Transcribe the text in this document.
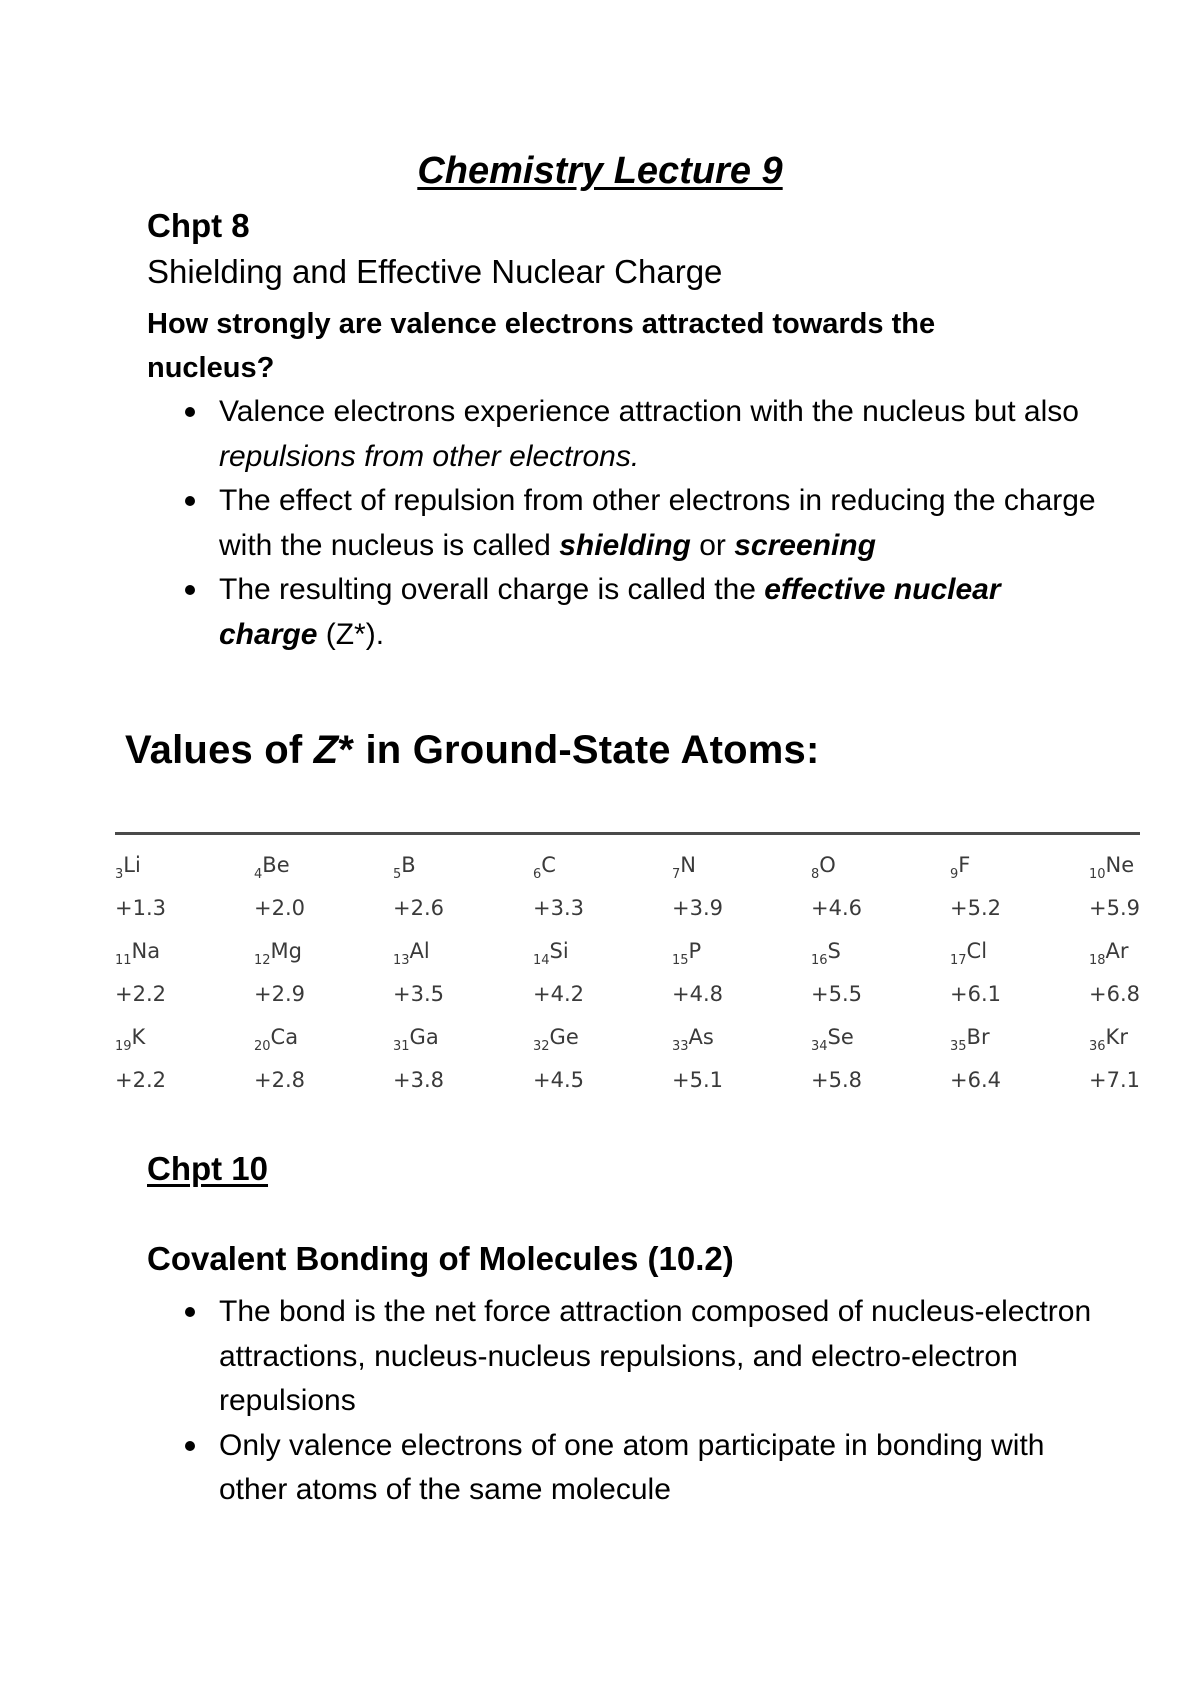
Chemistry Lecture 9

Chpt 8

Shielding and Effective Nuclear Charge

How strongly are valence electrons attracted towards the nucleus?

Valence electrons experience attraction with the nucleus but also repulsions from other electrons.
The effect of repulsion from other electrons in reducing the charge with the nucleus is called shielding or screening
The resulting overall charge is called the effective nuclear charge (Z*).
Values of Z* in Ground-State Atoms:
$_3$Li	$_4$Be	$_5$B	$_6$C	$_7$N	$_8$O	$_9$F	$_{10}$Ne
+1.3	+2.0	+2.6	+3.3	+3.9	+4.6	+5.2	+5.9
$_{11}$Na	$_{12}$Mg	$_{13}$Al	$_{14}$Si	$_{15}$P	$_{16}$S	$_{17}$Cl	$_{18}$Ar
+2.2	+2.9	+3.5	+4.2	+4.8	+5.5	+6.1	+6.8
$_{19}$K	$_{20}$Ca	$_{31}$Ga	$_{32}$Ge	$_{33}$As	$_{34}$Se	$_{35}$Br	$_{36}$Kr
+2.2	+2.8	+3.8	+4.5	+5.1	+5.8	+6.4	+7.1

Chpt 10

Covalent Bonding of Molecules (10.2)

The bond is the net force attraction composed of nucleus-electron attractions, nucleus-nucleus repulsions, and electro-electron repulsions
Only valence electrons of one atom participate in bonding with other atoms of the same molecule
